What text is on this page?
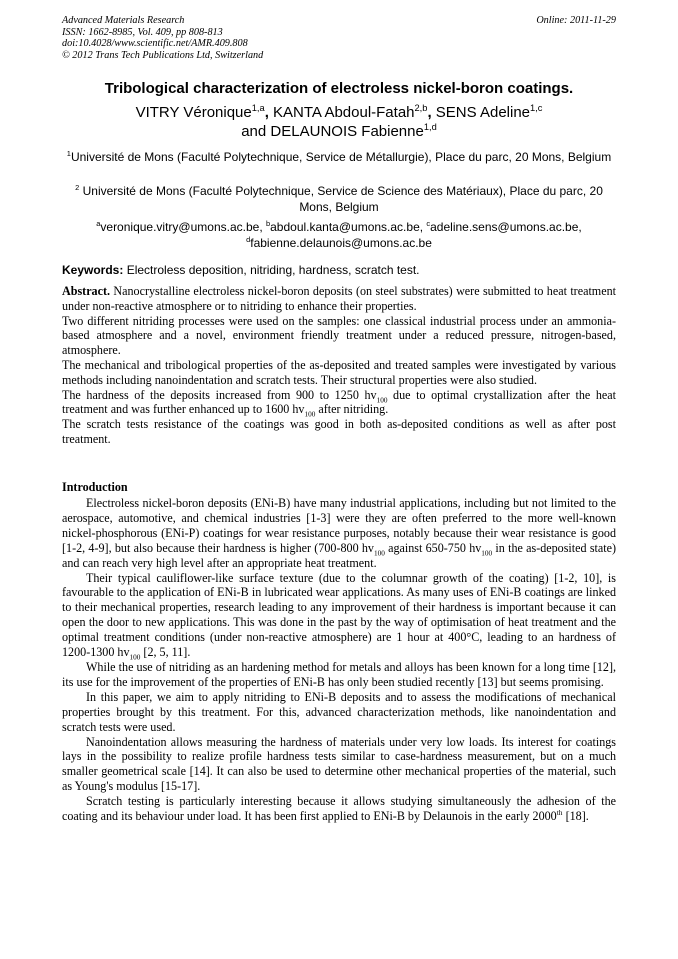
Advanced Materials Research
ISSN: 1662-8985, Vol. 409, pp 808-813
doi:10.4028/www.scientific.net/AMR.409.808
© 2012 Trans Tech Publications Ltd, Switzerland
Online: 2011-11-29
Tribological characterization of electroless nickel-boron coatings.
VITRY Véronique$^{1,a}$, KANTA Abdoul-Fatah$^{2,b}$, SENS Adeline$^{1,c}$
and DELAUNOIS Fabienne$^{1,d}$
$^1$Université de Mons (Faculté Polytechnique, Service de Métallurgie), Place du parc, 20 Mons, Belgium
$^2$ Université de Mons (Faculté Polytechnique, Service de Science des Matériaux), Place du parc, 20 Mons, Belgium
$^a$veronique.vitry@umons.ac.be, $^b$abdoul.kanta@umons.ac.be, $^c$adeline.sens@umons.ac.be,
$^d$fabienne.delaunois@umons.ac.be
Keywords: Electroless deposition, nitriding, hardness, scratch test.

Abstract. Nanocrystalline electroless nickel-boron deposits (on steel substrates) were submitted to heat treatment under non-reactive atmosphere or to nitriding to enhance their properties.

Two different nitriding processes were used on the samples: one classical industrial process under an ammonia-based atmosphere and a novel, environment friendly treatment under a reduced pressure, nitrogen-based, atmosphere.

The mechanical and tribological properties of the as-deposited and treated samples were investigated by various methods including nanoindentation and scratch tests. Their structural properties were also studied.

The hardness of the deposits increased from 900 to 1250 $hv_{100}$ due to optimal crystallization after the heat treatment and was further enhanced up to 1600 $hv_{100}$ after nitriding.

The scratch tests resistance of the coatings was good in both as-deposited conditions as well as after post treatment.

Introduction

Electroless nickel-boron deposits (ENi-B) have many industrial applications, including but not limited to the aerospace, automotive, and chemical industries [1-3] were they are often preferred to the more well-known nickel-phosphorous (ENi-P) coatings for wear resistance purposes, notably because their wear resistance is good [1-2, 4-9], but also because their hardness is higher (700-800 $hv_{100}$ against 650-750 $hv_{100}$ in the as-deposited state) and can reach very high level after an appropriate heat treatment.

Their typical cauliflower-like surface texture (due to the columnar growth of the coating) [1-2, 10], is favourable to the application of ENi-B in lubricated wear applications. As many uses of ENi-B coatings are linked to their mechanical properties, research leading to any improvement of their hardness is important because it can open the door to new applications. This was done in the past by the way of optimisation of heat treatment and the optimal treatment conditions (under non-reactive atmosphere) are 1 hour at 400°C, leading to an hardness of 1200-1300 $hv_{100}$ [2, 5, 11].

While the use of nitriding as an hardening method for metals and alloys has been known for a long time [12], its use for the improvement of the properties of ENi-B has only been studied recently [13] but seems promising.

In this paper, we aim to apply nitriding to ENi-B deposits and to assess the modifications of mechanical properties brought by this treatment. For this, advanced characterization methods, like nanoindentation and scratch tests were used.

Nanoindentation allows measuring the hardness of materials under very low loads. Its interest for coatings lays in the possibility to realize profile hardness tests similar to case-hardness measurement, but on a much smaller geometrical scale [14]. It can also be used to determine other mechanical properties of the material, such as Young's modulus [15-17].

Scratch testing is particularly interesting because it allows studying simultaneously the adhesion of the coating and its behaviour under load. It has been first applied to ENi-B by Delaunois in the early 2000th [18].
